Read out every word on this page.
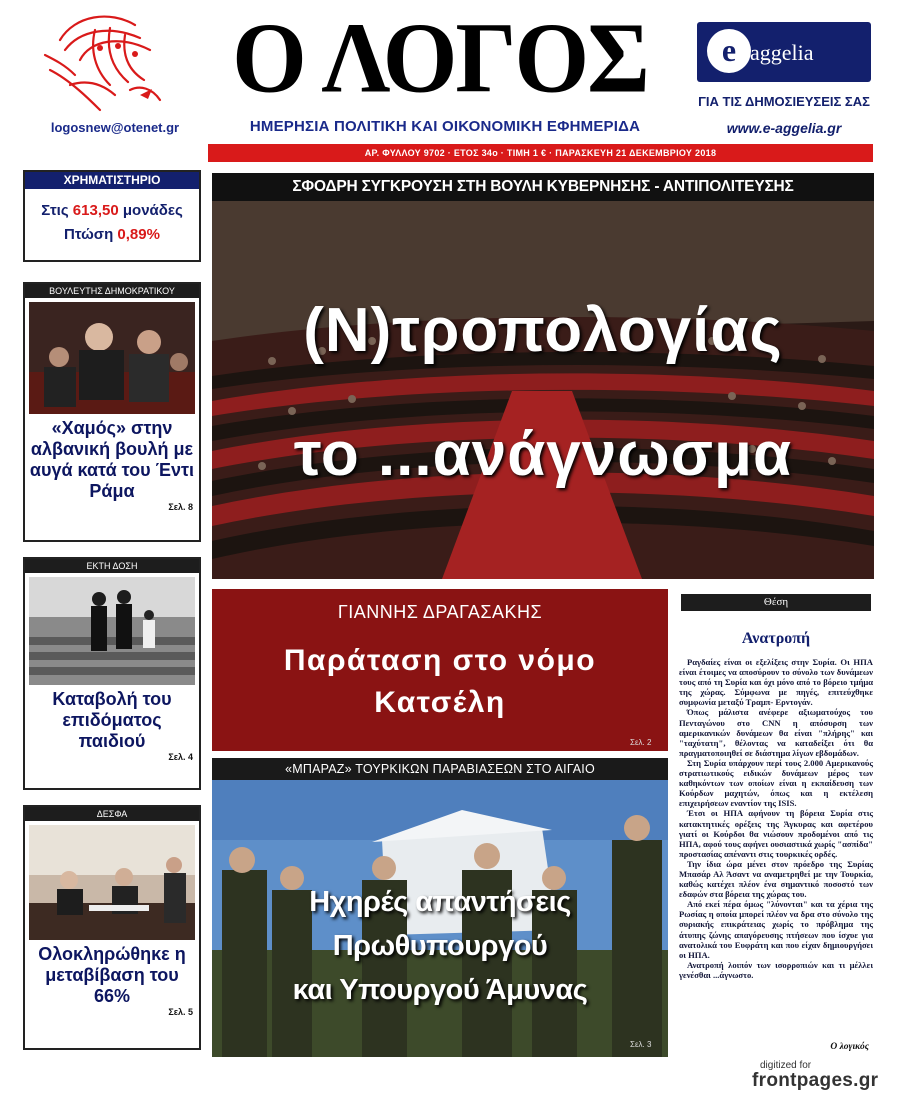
logosnew@otenet.gr
Ο ΛΟΓΟΣ
ΗΜΕΡΗΣΙΑ ΠΟΛΙΤΙΚΗ ΚΑΙ ΟΙΚΟΝΟΜΙΚΗ ΕΦΗΜΕΡΙΔΑ
e aggelia
ΓΙΑ ΤΙΣ ΔΗΜΟΣΙΕΥΣΕΙΣ ΣΑΣ
www.e-aggelia.gr
ΑΡ. ΦΥΛΛΟΥ 9702 · ΕΤΟΣ 34ο · ΤΙΜΗ 1 € · ΠΑΡΑΣΚΕΥΗ 21 ΔΕΚΕΜΒΡΙΟΥ 2018
ΧΡΗΜΑΤΙΣΤΗΡΙΟ
Στις 613,50 μονάδες
Πτώση 0,89%
ΒΟΥΛΕΥΤΗΣ ΔΗΜΟΚΡΑΤΙΚΟΥ
«Χαμός» στην αλβανική βουλή με αυγά κατά του Έντι Ράμα
Σελ. 8
ΕΚΤΗ ΔΟΣΗ
Καταβολή του επιδόματος παιδιού
Σελ. 4
ΔΕΣΦΑ
Ολοκληρώθηκε η μεταβίβαση του 66%
Σελ. 5
ΣΦΟΔΡΗ ΣΥΓΚΡΟΥΣΗ ΣΤΗ ΒΟΥΛΗ ΚΥΒΕΡΝΗΣΗΣ - ΑΝΤΙΠΟΛΙΤΕΥΣΗΣ
(Ν)τροπολογίας
το ...ανάγνωσμα
ΓΙΑΝΝΗΣ ΔΡΑΓΑΣΑΚΗΣ
Παράταση στο νόμο
Κατσέλη
Σελ. 2
«ΜΠΑΡΑΖ» ΤΟΥΡΚΙΚΩΝ ΠΑΡΑΒΙΑΣΕΩΝ ΣΤΟ ΑΙΓΑΙΟ
Ηχηρές απαντήσεις Πρωθυπουργού
και Υπουργού Άμυνας
Σελ. 3
Θέση
Ανατροπή

Ραγδαίες είναι οι εξελίξεις στην Συρία. Οι ΗΠΑ είναι έτοιμες να αποσύρουν το σύνολο των δυνάμεων τους από τη Συρία και όχι μόνο από το βόρειο τμήμα της χώρας. Σύμφωνα με πηγές, επιτεύχθηκε συμφωνία μεταξύ Τραμπ- Ερντογάν.

Όπως μάλιστα ανέφερε αξιωματούχος του Πενταγώνου στο CNN η απόσυρση των αμερικανικών δυνάμεων θα είναι "πλήρης" και "ταχύτατη", θέλοντας να καταδείξει ότι θα πραγματοποιηθεί σε διάστημα λίγων εβδομάδων.

Στη Συρία υπάρχουν περί τους 2.000 Αμερικανούς στρατιωτικούς ειδικών δυνάμεων μέρος των καθηκόντων των οποίων είναι η εκπαίδευση των Κούρδων μαχητών, όπως και η εκτέλεση επιχειρήσεων εναντίον της ISIS.

Έτσι οι ΗΠΑ αφήνουν τη βόρεια Συρία στις κατακτητικές ορέξεις της Άγκυρας και αφετέρου γιατί οι Κούρδοι θα νιώσουν προδομένοι από τις ΗΠΑ, αφού τους αφήνει ουσιαστικά χωρίς "ασπίδα" προστασίας απέναντι στις τουρκικές ορδές.

Την ίδια ώρα μένει στον πρόεδρο της Συρίας Μπασάρ Αλ Άσαντ να αναμετρηθεί με την Τουρκία, καθώς κατέχει πλέον ένα σημαντικό ποσοστό των εδαφών στα βόρεια της χώρας του.

Από εκεί πέρα όμως "λύνονται" και τα χέρια της Ρωσίας η οποία μπορεί πλέον να δρα στο σύνολο της συριακής επικράτειας χωρίς το πρόβλημα της άτυπης ζώνης απαγόρευσης πτήσεων που ίσχυε για ανατολικά του Ευφράτη και που είχαν δημιουργήσει οι ΗΠΑ.

Ανατροπή λοιπόν των ισορροπιών και τι μέλλει γενέσθαι ...άγνωστο.

Ο λογικός
digitized for
frontpages.gr
